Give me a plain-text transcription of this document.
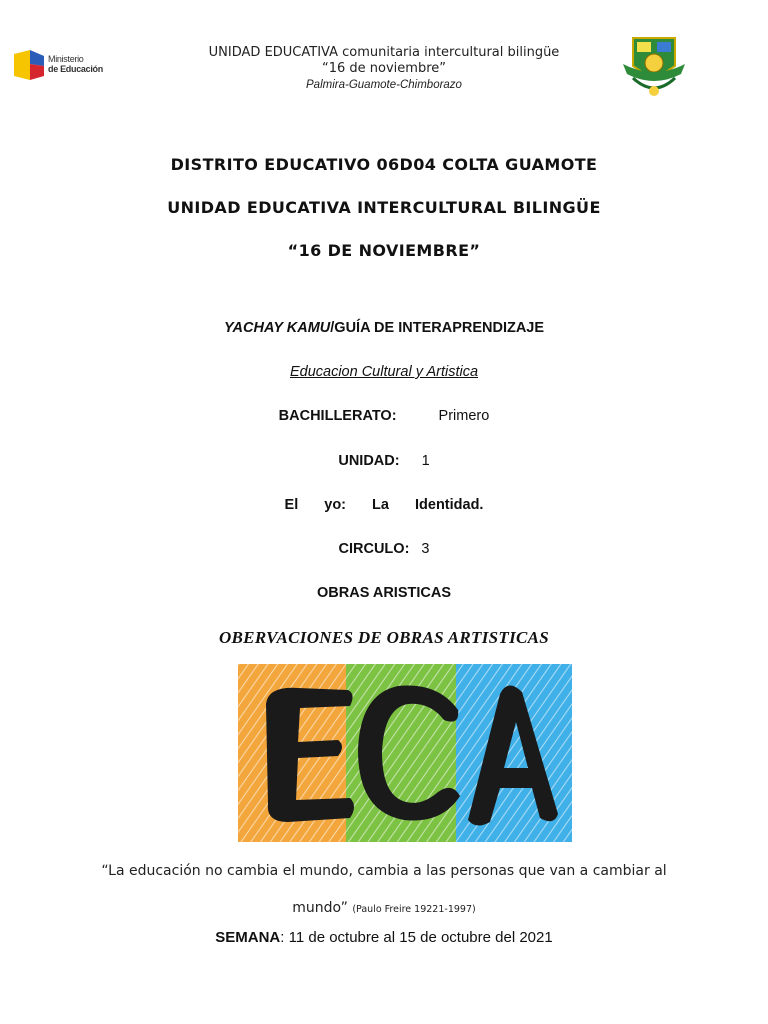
Ministerio
de Educación
UNIDAD EDUCATIVA comunitaria intercultural bilingüe
“16 de noviembre”
Palmira-Guamote-Chimborazo
DISTRITO EDUCATIVO 06D04 COLTA GUAMOTE
UNIDAD EDUCATIVA INTERCULTURAL BILINGÜE
“16 DE NOVIEMBRE”
YACHAY KAMU/GUÍA DE INTERAPRENDIZAJE
Educacion Cultural y Artistica
BACHILLERATO:	Primero
UNIDAD: 1
El yo: La Identidad.
CIRCULO: 3
OBRAS ARISTICAS
OBERVACIONES DE OBRAS ARTISTICAS
“La educación no cambia el mundo, cambia a las personas que van a cambiar al
mundo” (Paulo Freire 19221-1997)
SEMANA: 11 de octubre al 15 de octubre del 2021
